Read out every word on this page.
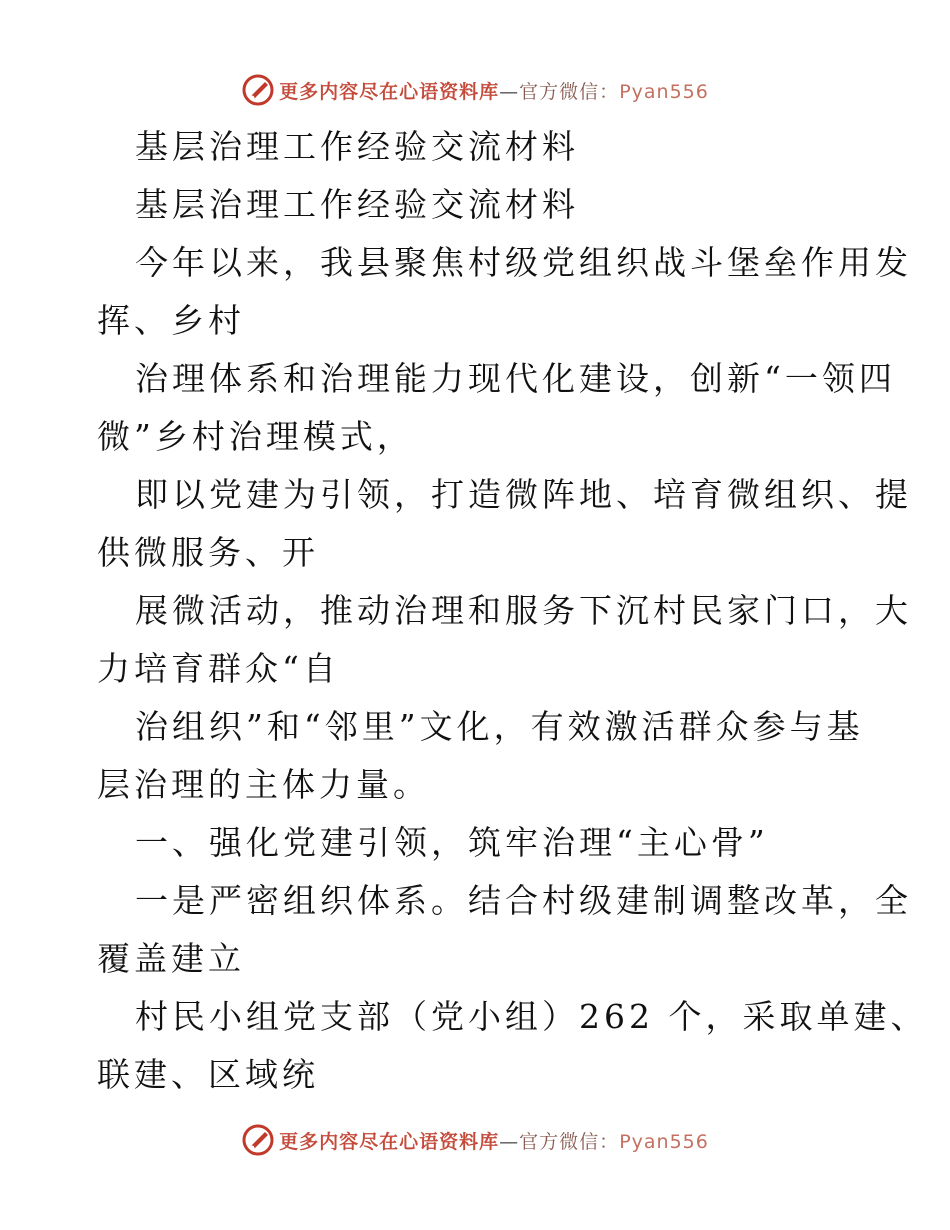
更多内容尽在心语资料库—官方微信：Pyan556
基层治理工作经验交流材料
基层治理工作经验交流材料
今年以来，我县聚焦村级党组织战斗堡垒作用发
挥、乡村
治理体系和治理能力现代化建设，创新“一领四
微”乡村治理模式，
即以党建为引领，打造微阵地、培育微组织、提
供微服务、开
展微活动，推动治理和服务下沉村民家门口，大
力培育群众“自
治组织”和“邻里”文化，有效激活群众参与基
层治理的主体力量。
一、强化党建引领，筑牢治理“主心骨”
一是严密组织体系。结合村级建制调整改革，全
覆盖建立
村民小组党支部（党小组）262 个，采取单建、
联建、区域统
更多内容尽在心语资料库—官方微信：Pyan556
